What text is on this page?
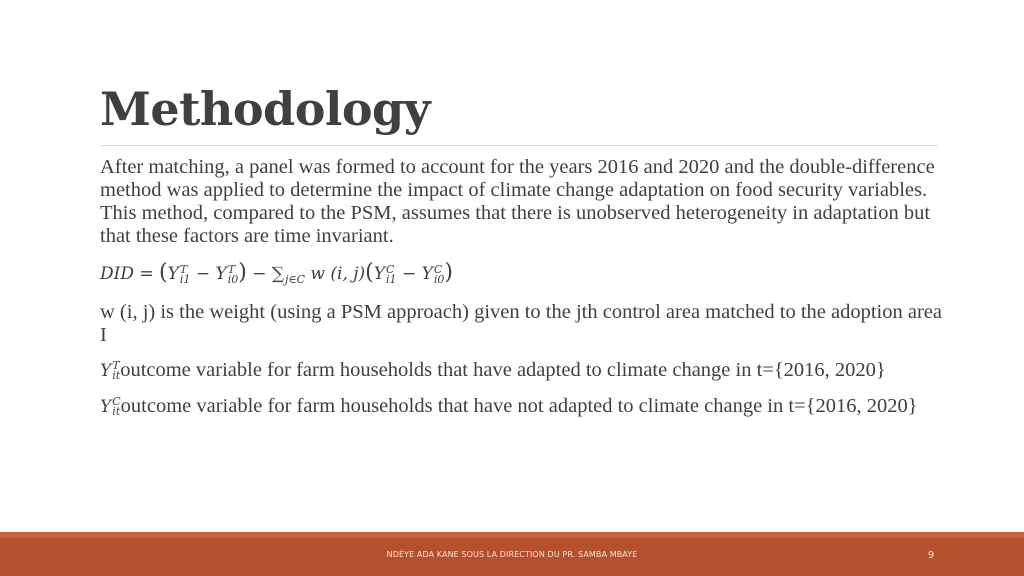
Methodology

After matching, a panel was formed to account for the years 2016 and 2020 and the double-difference method was applied to determine the impact of climate change adaptation on food security variables. This method, compared to the PSM, assumes that there is unobserved heterogeneity in adaptation but that these factors are time invariant.

DID = (Y T
i1 − Y T
i0 ) − ∑
j∈C w (i, j)(Y C
i1 − Y C
i0 )

w (i, j) is the weight (using a PSM approach) given to the jth control area matched to the adoption area I

Y T
it outcome variable for farm households that have adapted to climate change in t={2016, 2020}

Y C
it outcome variable for farm households that have not adapted to climate change in t={2016, 2020}

NDÈYE ADA KANE SOUS LA DIRECTION DU PR. SAMBA MBAYE	9
